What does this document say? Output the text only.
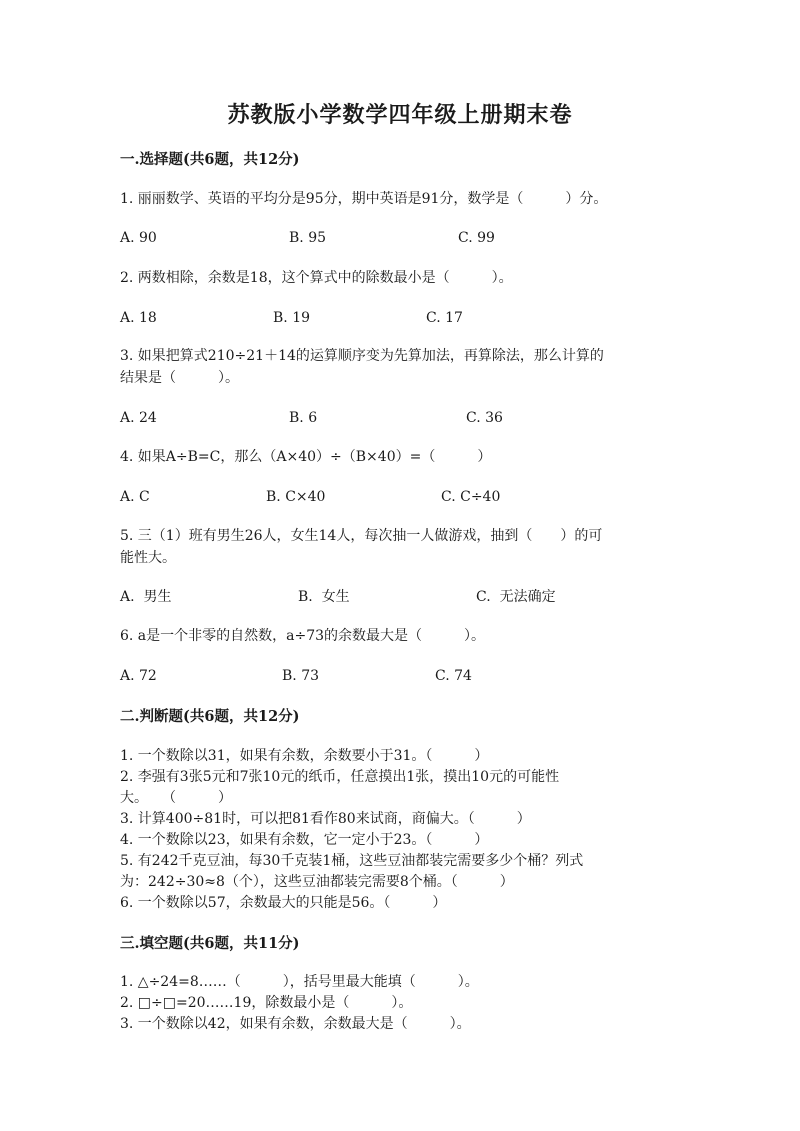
苏教版小学数学四年级上册期末卷
一.选择题(共6题，共12分)
1. 丽丽数学、英语的平均分是95分，期中英语是91分，数学是（　　　）分。
A. 90	B. 95	C. 99
2. 两数相除，余数是18，这个算式中的除数最小是（　　　）。
A. 18	B. 19	C. 17
3. 如果把算式210÷21＋14的运算顺序变为先算加法，再算除法，那么计算的
结果是（　　　）。
A. 24	B. 6	C. 36
4. 如果A÷B=C，那么（A×40）÷（B×40）=（　　　）
A. C	B. C×40	C. C÷40
5. 三（1）班有男生26人，女生14人，每次抽一人做游戏，抽到（　　）的可
能性大。
A.  男生	B.  女生	C.  无法确定
6. a是一个非零的自然数，a÷73的余数最大是（　　　）。
A. 72	B. 73	C. 74
二.判断题(共6题，共12分)
1. 一个数除以31，如果有余数，余数要小于31。（　　　）
2. 李强有3张5元和7张10元的纸币，任意摸出1张，摸出10元的可能性
大。　　（　　　）
3. 计算400÷81时，可以把81看作80来试商，商偏大。（　　　）
4. 一个数除以23，如果有余数，它一定小于23。（　　　）
5. 有242千克豆油，每30千克装1桶，这些豆油都装完需要多少个桶？列式
为：242÷30≈8（个），这些豆油都装完需要8个桶。（　　　）
6. 一个数除以57，余数最大的只能是56。（　　　）
三.填空题(共6题，共11分)
1. △÷24=8……（　　　），括号里最大能填（　　　）。
2. □÷□=20……19，除数最小是（　　　）。
3. 一个数除以42，如果有余数，余数最大是（　　　）。
